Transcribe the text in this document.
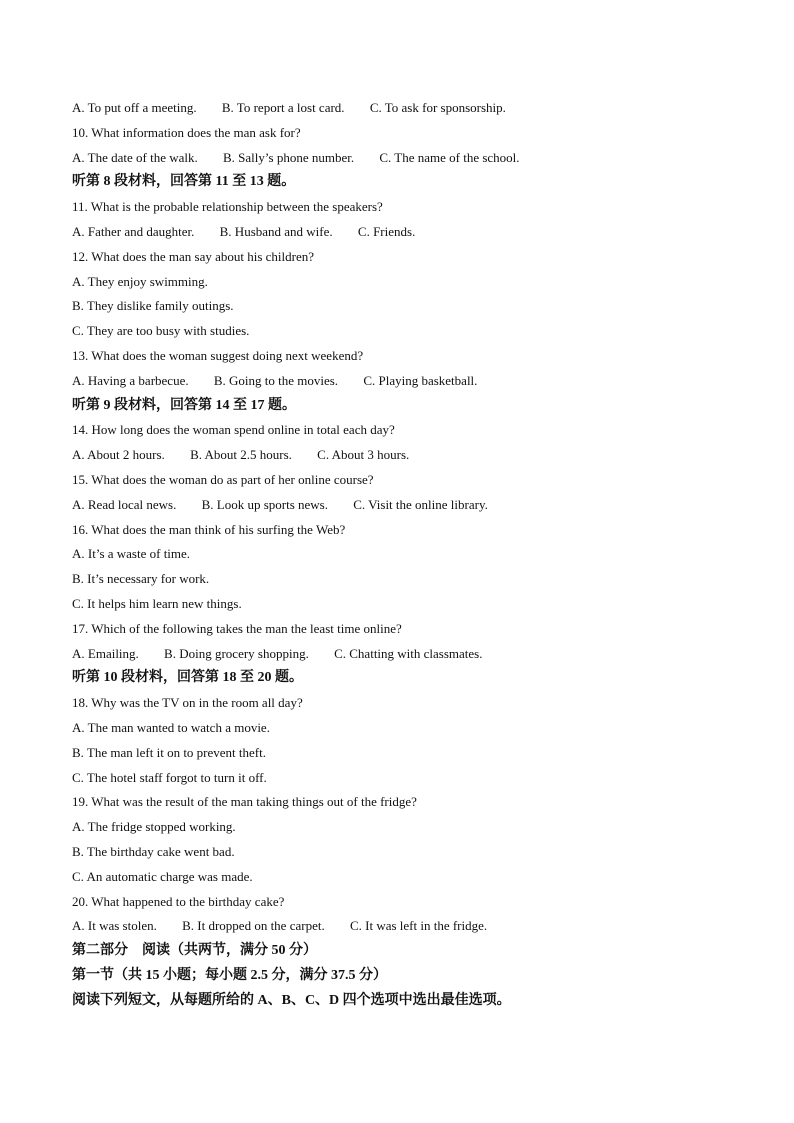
A. To put off a meeting. B. To report a lost card. C. To ask for sponsorship.
10. What information does the man ask for?
A. The date of the walk. B. Sally’s phone number. C. The name of the school.
听第 8 段材料，回答第 11 至 13 题。
11. What is the probable relationship between the speakers?
A. Father and daughter. B. Husband and wife. C. Friends.
12. What does the man say about his children?
A. They enjoy swimming.
B. They dislike family outings.
C. They are too busy with studies.
13. What does the woman suggest doing next weekend?
A. Having a barbecue. B. Going to the movies. C. Playing basketball.
听第 9 段材料，回答第 14 至 17 题。
14. How long does the woman spend online in total each day?
A. About 2 hours. B. About 2.5 hours. C. About 3 hours.
15. What does the woman do as part of her online course?
A. Read local news. B. Look up sports news. C. Visit the online library.
16. What does the man think of his surfing the Web?
A. It’s a waste of time.
B. It’s necessary for work.
C. It helps him learn new things.
17. Which of the following takes the man the least time online?
A. Emailing. B. Doing grocery shopping. C. Chatting with classmates.
听第 10 段材料，回答第 18 至 20 题。
18. Why was the TV on in the room all day?
A. The man wanted to watch a movie.
B. The man left it on to prevent theft.
C. The hotel staff forgot to turn it off.
19. What was the result of the man taking things out of the fridge?
A. The fridge stopped working.
B. The birthday cake went bad.
C. An automatic charge was made.
20. What happened to the birthday cake?
A. It was stolen. B. It dropped on the carpet. C. It was left in the fridge.
第二部分　阅读（共两节，满分 50 分）
第一节（共 15 小题；每小题 2.5 分，满分 37.5 分）
阅读下列短文，从每题所给的 A、B、C、D 四个选项中选出最佳选项。
